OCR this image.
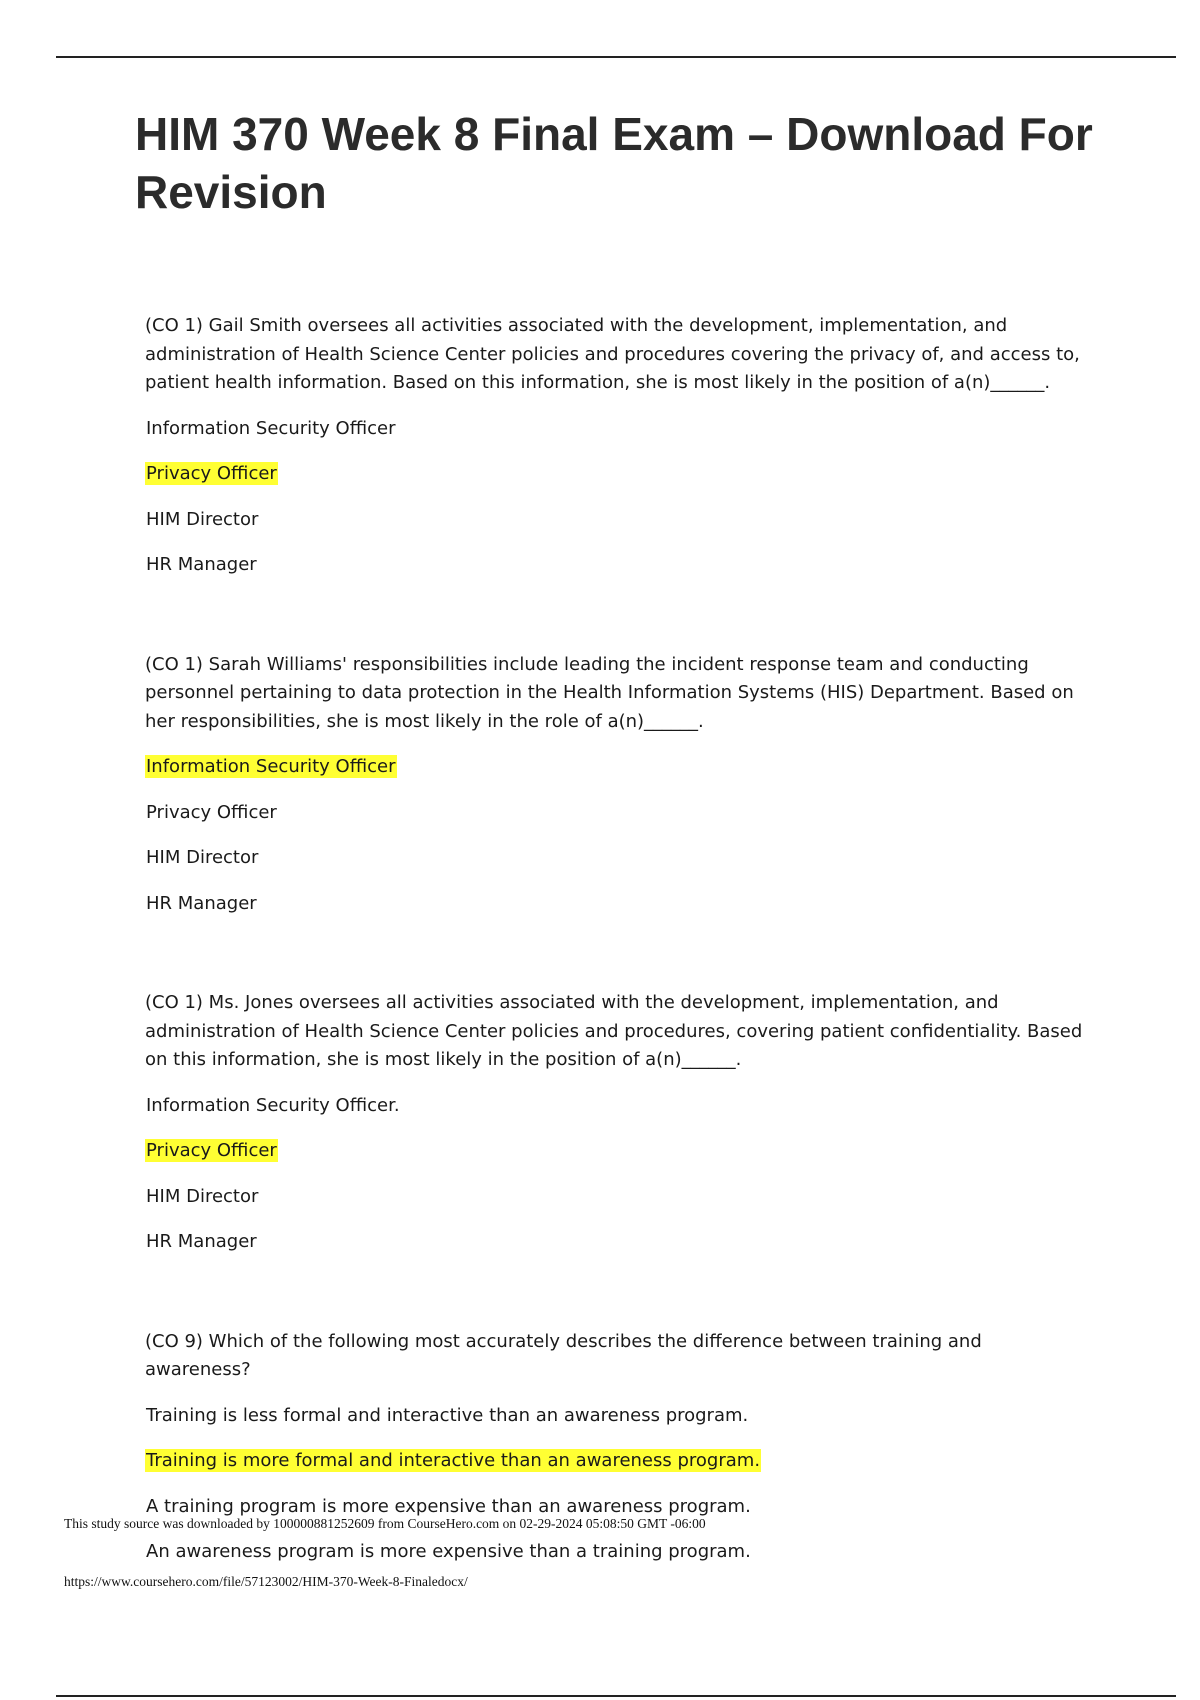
HIM 370 Week 8 Final Exam – Download For Revision

(CO 1) Gail Smith oversees all activities associated with the development, implementation, and administration of Health Science Center policies and procedures covering the privacy of, and access to, patient health information. Based on this information, she is most likely in the position of a(n)______.

Information Security Officer
Privacy Officer
HIM Director
HR Manager

(CO 1) Sarah Williams' responsibilities include leading the incident response team and conducting personnel pertaining to data protection in the Health Information Systems (HIS) Department. Based on her responsibilities, she is most likely in the role of a(n)______.

Information Security Officer
Privacy Officer
HIM Director
HR Manager

(CO 1) Ms. Jones oversees all activities associated with the development, implementation, and administration of Health Science Center policies and procedures, covering patient confidentiality. Based on this information, she is most likely in the position of a(n)______.

Information Security Officer.
Privacy Officer
HIM Director
HR Manager

(CO 9) Which of the following most accurately describes the difference between training and awareness?

Training is less formal and interactive than an awareness program.
Training is more formal and interactive than an awareness program.
A training program is more expensive than an awareness program.
An awareness program is more expensive than a training program.
This study source was downloaded by 100000881252609 from CourseHero.com on 02-29-2024 05:08:50 GMT -06:00
https://www.coursehero.com/file/57123002/HIM-370-Week-8-Finaledocx/
